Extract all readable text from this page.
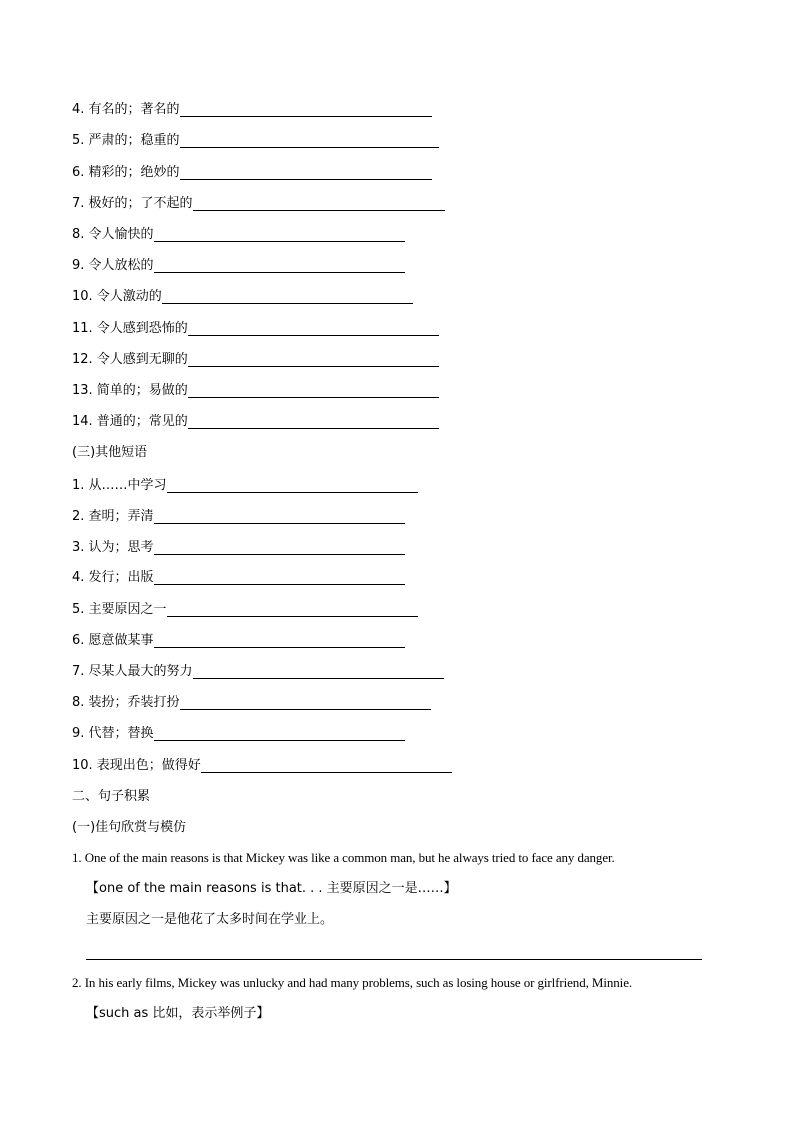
4. 有名的；著名的
5. 严肃的；稳重的
6. 精彩的；绝妙的
7. 极好的；了不起的
8. 令人愉快的
9. 令人放松的
10. 令人激动的
11. 令人感到恐怖的
12. 令人感到无聊的
13. 简单的；易做的
14. 普通的；常见的
(三)其他短语
1. 从……中学习
2. 查明；弄清
3. 认为；思考
4. 发行；出版
5. 主要原因之一
6. 愿意做某事
7. 尽某人最大的努力
8. 装扮；乔装打扮
9. 代替；替换
10. 表现出色；做得好
二、句子积累
(一)佳句欣赏与模仿
1. One of the main reasons is that Mickey was like a common man, but he always tried to face any danger.
【one of the main reasons is that. . . 主要原因之一是……】
主要原因之一是他花了太多时间在学业上。
2. In his early films, Mickey was unlucky and had many problems, such as losing house or girlfriend, Minnie.
【such as 比如，表示举例子】
